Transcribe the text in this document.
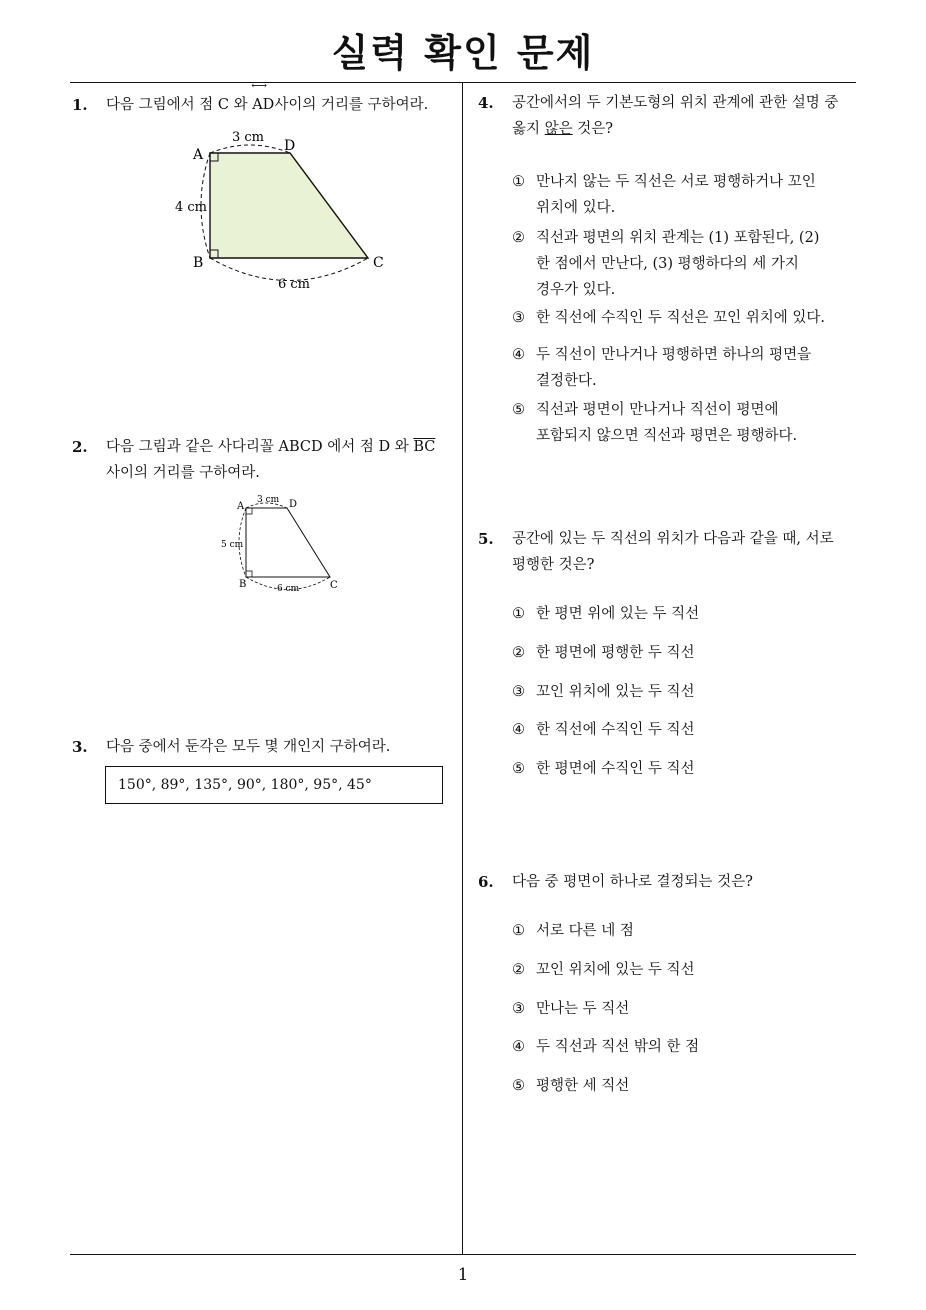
실력 확인 문제
1
1. 다음 그림에서 점 C 와
⟷
AD사이의 거리를 구하여라.
A
B	C
D
3 cm
4 cm
6 cm
2. 다음 그림과 같은 사다리꼴 ABCD 에서 점 D 와 $\overline{BC}$
사이의 거리를 구하여라.
A
B	C
D
3 cm
5 cm
6 cm
3. 다음 중에서 둔각은 모두 몇 개인지 구하여라.
150°, 89°, 135°, 90°, 180°, 95°, 45°
4. 공간에서의 두 기본도형의 위치 관계에 관한 설명 중
옳지 않은 것은?
① 만나지 않는 두 직선은 서로 평행하거나 꼬인
위치에 있다.
② 직선과 평면의 위치 관계는 (1) 포함된다, (2)
한 점에서 만난다, (3) 평행하다의 세 가지
경우가 있다.
③ 한 직선에 수직인 두 직선은 꼬인 위치에 있다.
④ 두 직선이 만나거나 평행하면 하나의 평면을
결정한다.
⑤ 직선과 평면이 만나거나 직선이 평면에
포함되지 않으면 직선과 평면은 평행하다.
5. 공간에 있는 두 직선의 위치가 다음과 같을 때, 서로
평행한 것은?
① 한 평면 위에 있는 두 직선
② 한 평면에 평행한 두 직선
③ 꼬인 위치에 있는 두 직선
④ 한 직선에 수직인 두 직선
⑤ 한 평면에 수직인 두 직선
6. 다음 중 평면이 하나로 결정되는 것은?
① 서로 다른 네 점
② 꼬인 위치에 있는 두 직선
③ 만나는 두 직선
④ 두 직선과 직선 밖의 한 점
⑤ 평행한 세 직선
